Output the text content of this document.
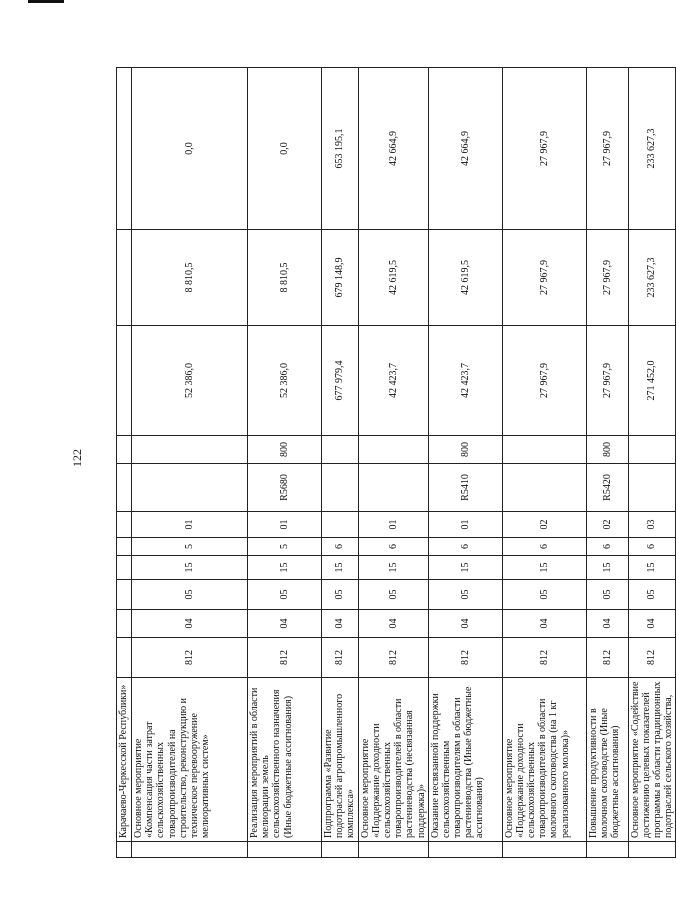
122
	Карачаево-Черкесской Республики»											
	Основное мероприятие «Компенсация части затрат сельскохозяйственных товаропроизводителей на строительство, реконструкцию и техническое перевооружение мелиоративных систем»	812	04	05	15	5	01			52 386,0	8 810,5	0,0
	Реализация мероприятий в области мелиорации земель сельскохозяйственного назначения (Иные бюджетные ассигнования)	812	04	05	15	5	01	R5680	800	52 386,0	8 810,5	0,0
	Подпрограмма «Развитие подотраслей агропромышленного комплекса»	812	04	05	15	6				677 979,4	679 148,9	653 195,1
	Основное мероприятие «Поддержание доходности сельскохозяйственных товаропроизводителей в области растениеводства (несвязанная поддержка)»	812	04	05	15	6	01			42 423,7	42 619,5	42 664,9
	Оказание несвязанной поддержки сельскохозяйственным товаропроизводителям в области растениеводства (Иные бюджетные ассигнования)	812	04	05	15	6	01	R5410	800	42 423,7	42 619,5	42 664,9
	Основное мероприятие «Поддержание доходности сельскохозяйственных товаропроизводителей в области молочного скотоводства (на 1 кг реализованного молока)»	812	04	05	15	6	02			27 967,9	27 967,9	27 967,9
	Повышение продуктивности в молочном скотоводстве (Иные бюджетные ассигнования)	812	04	05	15	6	02	R5420	800	27 967,9	27 967,9	27 967,9
	Основное мероприятие «Содействие достижению целевых показателей программы в области традиционных подотраслей сельского хозяйства,	812	04	05	15	6	03			271 452,0	233 627,3	233 627,3
